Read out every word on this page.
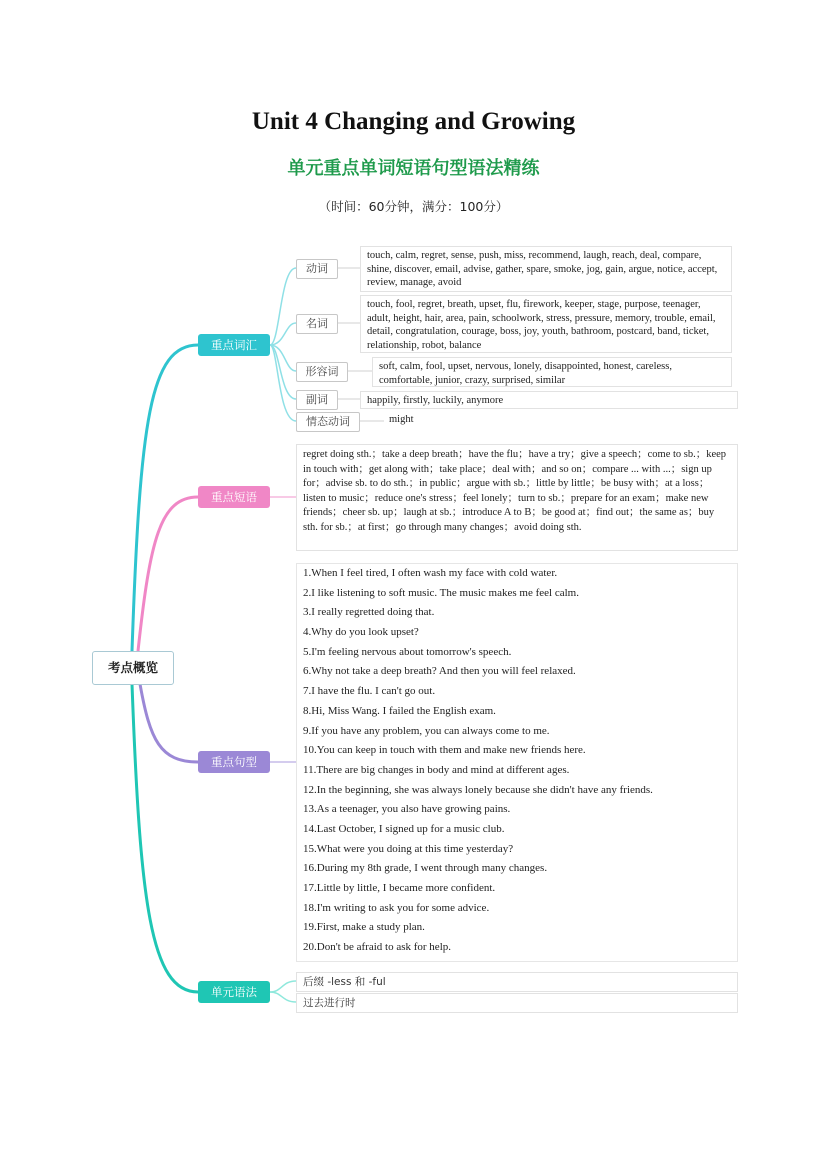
Unit 4 Changing and Growing
单元重点单词短语句型语法精练
（时间：60分钟，满分：100分）
考点概览
重点词汇
重点短语
重点句型
单元语法
动词
名词
形容词
副词
情态动词
touch, calm, regret, sense, push, miss, recommend, laugh, reach, deal, compare, shine, discover, email, advise, gather, spare, smoke, jog, gain, argue, notice, accept, review, manage, avoid
touch, fool, regret, breath, upset, flu, firework, keeper, stage, purpose, teenager, adult, height, hair, area, pain, schoolwork, stress, pressure, memory, trouble, email, detail, congratulation, courage, boss, joy, youth, bathroom, postcard, band, ticket, relationship, robot, balance
soft, calm, fool, upset, nervous, lonely, disappointed, honest, careless, comfortable, junior, crazy, surprised, similar
happily, firstly, luckily, anymore
might
regret doing sth.；take a deep breath；have the flu；have a try；give a speech；come to sb.；keep in touch with；get along with；take place；deal with；and so on；compare ... with ...；sign up for；advise sb. to do sth.；in public；argue with sb.；little by little；be busy with；at a loss；listen to music；reduce one's stress；feel lonely；turn to sb.；prepare for an exam；make new friends；cheer sb. up；laugh at sb.；introduce A to B；be good at；find out；the same as；buy sth. for sb.；at first；go through many changes；avoid doing sth.
1.When I feel tired, I often wash my face with cold water.
2.I like listening to soft music. The music makes me feel calm.
3.I really regretted doing that.
4.Why do you look upset?
5.I'm feeling nervous about tomorrow's speech.
6.Why not take a deep breath? And then you will feel relaxed.
7.I have the flu. I can't go out.
8.Hi, Miss Wang. I failed the English exam.
9.If you have any problem, you can always come to me.
10.You can keep in touch with them and make new friends here.
11.There are big changes in body and mind at different ages.
12.In the beginning, she was always lonely because she didn't have any friends.
13.As a teenager, you also have growing pains.
14.Last October, I signed up for a music club.
15.What were you doing at this time yesterday?
16.During my 8th grade, I went through many changes.
17.Little by little, I became more confident.
18.I'm writing to ask you for some advice.
19.First, make a study plan.
20.Don't be afraid to ask for help.
后缀 -less 和 -ful
过去进行时
